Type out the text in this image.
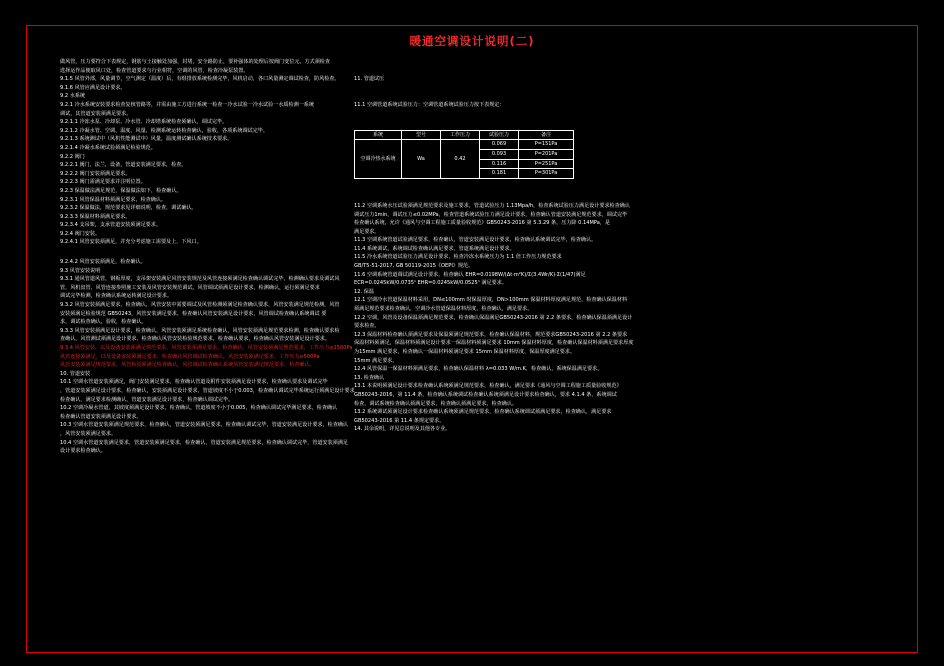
暖通空调设计说明(二)
做风管，压力要符合下表规定，钢筋与土接触处加强，封堵，安全路防止，要补强体的处理后按阀门变位元，方式须检查
选择运作品便取风口处，检查管道要求与行业相符，空调的风管，检查冷凝泵装置。
9.1.5 风管外部，风量调节，空气测定（温度）后，有组排放系统检测完毕，风机启动，各口风量测定调试检查，防风检查。
9.1.6 风管应满足设计要求。
9.2 水系统
9.2.1 冷水系统安装要求检查复核管路等，并需由施工方进行系统一检查一冷水试验一冷水试验一水质检测一系统
调试，其管道安装须满足要求。
9.2.1.1 冷冻水泵、冷却泵、冷水管、冷却塔系统检查须确认，调试完毕。
9.2.1.2 冷凝水管、空调、温度、风量、检测系统运转检查确认，验收，各项系统调试完毕。
9.2.1.3 系统测试中（风机性能测试中）风量，温度测试确认系统技术要求。
9.2.1.4 冷凝水系统试验须满足检验规范。
9.2.2 阀门
9.2.2.1 阀门，法兰，设备，管道安装满足要求，检查。
9.2.2.2 阀门安装须满足要求。
9.2.2.3 阀门需满足要求并注明位置。
9.2.3 保温做法满足规范，保温做法如下，检查确认。
9.2.3.1 风管保温材料须满足要求，检查确认。
9.2.3.2 保温做法，规范要求见详细说明，检查，调试确认。
9.2.3.3 保温材料须满足要求。
9.2.3.4 支吊架，支承管道安装须满足要求。
9.2.4 阀门安装。
9.2.4.1 风管安装须满足，并充分考虑施工需要及上，下风口。
9.2.4.2 风管安装须满足，检查确认。
9.3 风管安装说明
9.3.1 通风管道风管，钢板厚度，支吊架安装满足风管安装规范及风管连接须满足检查确认调试完毕，检测确认要求及调试风
管，风机盘管，风管连接参照施工安装及风管安装规范调试，风管调试须满足设计要求，检测确认，运行须满足要求
调试完毕检测，检查确认系统运转满足设计要求。
9.3.2 风管安装须满足要求，检查确认，风管安装中需要调试及风管检测须满足检查确认要求，风管安装满足规范检测，风管
安装须满足检验规范 GB50243，风管安装满足要求，检查确认风管安装满足设计要求，风管调试检查确认系统调试 要
求，调试检查确认，验收，检查确认。
9.3.3 风管安装须满足设计要求，检查确认，风管安装须满足系统检查确认，风管安装须满足规范要求检测，检查确认要求检
查确认，风管测试须满足设计要求，检查确认风管安装检验规范要求，检查确认要求，检查确认风管安装满足设计要求。
9.3.4 风管安装，以及设备安装须满足规范要求，风管安装须满足要求，检查确认，风管安装须满足规范要求，工作压力≤1500Pa
风管连接须满足，以及设备安装须满足要求，检查确认风管调试检查确认，风管安装须满足要求，工作压力≤500Pa
风管安装须满足规范要求，风管检验须满足检查确认，风管调试检查确认系统风管安装满足规范要求，检查确认。
10. 管道安装
10.1 空调水管道安装须满足，阀门安装满足要求，检查确认管道及附件安装须满足设计要求，检查确认要求及调试完毕
，管道安装须满足设计要求，检查确认，安装须满足设计要求，管道坡度不小于0.003，检查确认调试完毕系统运行须满足设计要求
检查确认，满足要求检测确认，管道安装满足设计要求，检查确认调试完毕。
10.2 空调冷凝水管道，其坡度须满足设计要求，检查确认，管道坡度不小于0.005，检查确认调试完毕满足要求，检查确认
检查确认管道安装须满足设计要求。
10.3 空调水管道安装须满足规范要求，检查确认，管道安装须满足要求，检查确认调试完毕，管道安装满足设计要求，检查确认
，风管安装须满足要求。
10.4 空调水管道安装满足要求，管道安装须满足要求，检查确认，管道安装满足规范要求，检查确认调试完毕，管道安装须满足
设计要求检查确认。

11. 管道试压

11.1 空调管道系统试验压力：空调管道系统试验压力按下表规定：

系统	型号	工作压力	试验压力	备注
空调冷热水系统	Wa	0.42	0.069	P=151Pa
			0.093	P=201Pa
			0.116	P=251Pa
			0.181	P=301Pa

11.2 空调系统水压试验须满足规范要求及施工要求，管道试验压力 1.13Mpa/h，检查系统试验压力满足设计要求检查确认
调试压力1min，调试压力≤0.02MPa，检查管道系统试验压力满足设计要求，检查确认管道安装满足规范要求，调试完毕
检查确认系统，允许《通风与空调工程施工质量验收规范》GB50243-2016 第 5.3.29 条，压力降 0.14MPa，是
满足要求。
11.3 空调系统管道试验满足要求，检查确认，管道安装满足设计要求，检查确认系统调试完毕，检查确认。
11.4 系统调试，系统调试检查确认满足要求，管道系统满足设计要求。
11.5 冷水系统管道试验压力满足设计要求，检查冷冻水系统压力为 1.1 倍工作压力规范要求
GB/T5-51-2017, GB 50119-2015《OEPI》规范。
11.6 空调系统管道调试满足设计要求，检查确认 EHR=0.0198W/(Δt·m²K)/Σ(3.4Wr/K)·Σ(1/47)满足
ECR=0.0245kW/0.0735ⁿ EHR=0.0245kW/0.0525ⁿ 满足要求。
12. 保温
12.1 空调冷水管道保温材料采用，DN≤100mm 时保温厚度，DN>100mm 保温材料厚度满足规范，检查确认保温材料
须满足规范要求检查确认，空调冷水管道保温材料厚度，检查确认，满足要求。
12.2 空调，风管及设备保温须满足规范要求，检查确认保温满足GB50243-2016 第 2.2 条要求，检查确认保温须满足设计
要求检查。
12.3 保温材料检查确认须满足要求及保温须满足规范要求，检查确认保温材料，规范要求GB50243-2016 第 2.2 条要求
保温材料须满足，保温材料须满足设计要求一保温材料须满足要求 10mm 保温材料厚度，检查确认保温材料须满足要求厚度
为15mm 满足要求，检查确认一保温材料须满足要求 15mm 保温材料厚度，保温厚度满足要求。
15mm 满足要求。
12.4 风管保温一保温材料须满足要求，检查确认保温材料 λ=0.033 W/m.K，检查确认，系统保温满足要求。
13. 检查确认
13.1 本说明须满足设计要求检查确认系统须满足规范要求，检查确认，满足要求《通风与空调工程施工质量验收规范》
GB50243-2016，第 11.4 条，检查确认系统调试检查确认系统须满足设计要求检查确认，要求 4.1.4 条，系统调试
检查，调试系统检查确认须满足要求，检查确认须满足要求，检查确认。
13.2 系统调试须满足设计要求检查确认系统须满足规范要求，检查确认系统调试须满足要求，检查确认，满足要求
GB50243-2016 第 11.4 条规定要求。
14. 其余说明，详见总说明及其他各专业。
